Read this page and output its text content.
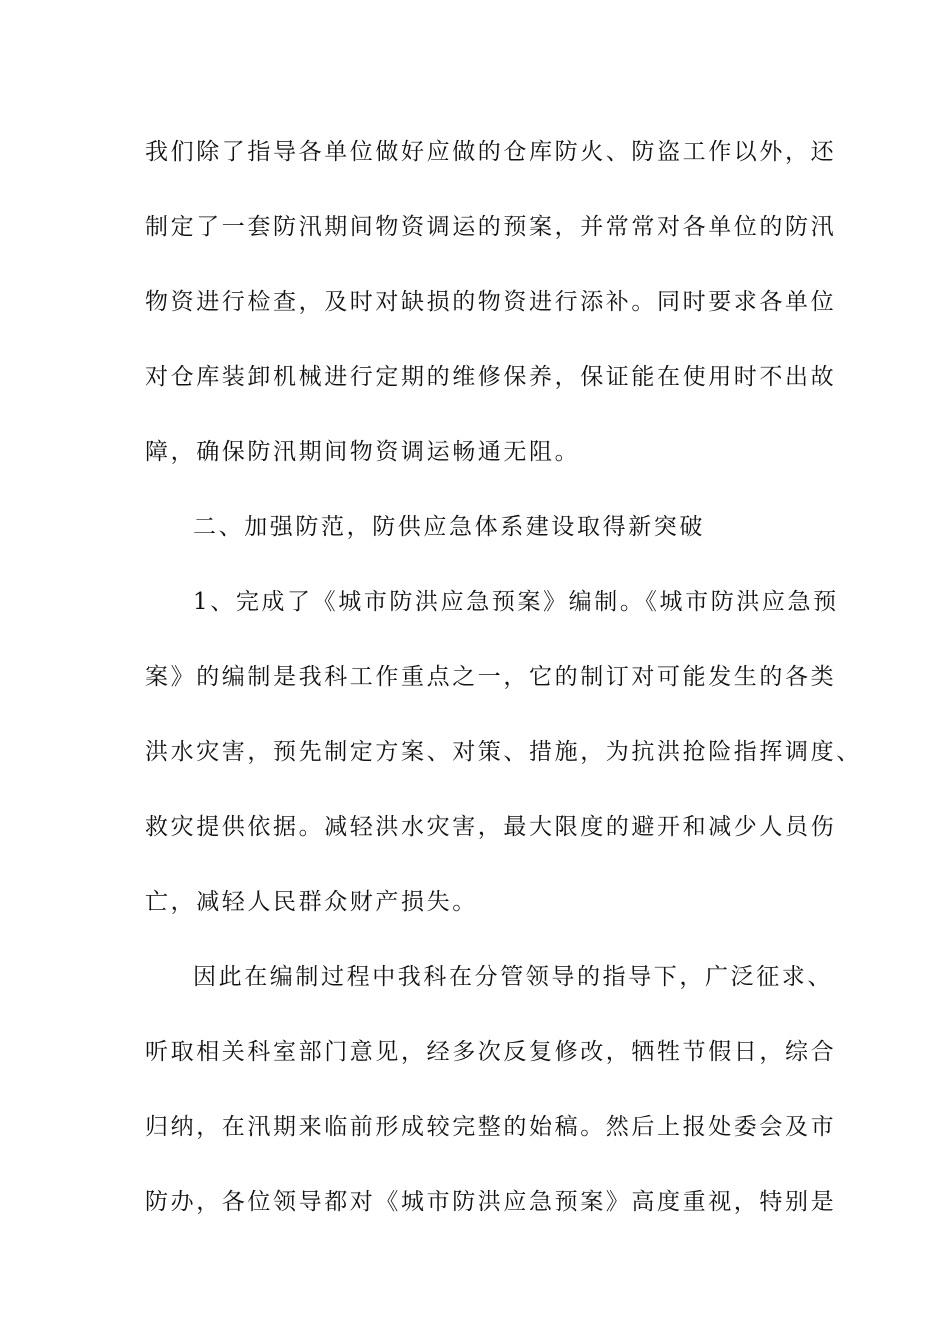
我们除了指导各单位做好应做的仓库防火、防盗工作以外，还
制定了一套防汛期间物资调运的预案，并常常对各单位的防汛
物资进行检查，及时对缺损的物资进行添补。同时要求各单位
对仓库装卸机械进行定期的维修保养，保证能在使用时不出故
障，确保防汛期间物资调运畅通无阻。
二、加强防范，防供应急体系建设取得新突破
1、完成了《城市防洪应急预案》编制。《城市防洪应急预
案》的编制是我科工作重点之一，它的制订对可能发生的各类
洪水灾害，预先制定方案、对策、措施，为抗洪抢险指挥调度、
救灾提供依据。减轻洪水灾害，最大限度的避开和减少人员伤
亡，减轻人民群众财产损失。
因此在编制过程中我科在分管领导的指导下，广泛征求、
听取相关科室部门意见，经多次反复修改，牺牲节假日，综合
归纳，在汛期来临前形成较完整的始稿。然后上报处委会及市
防办，各位领导都对《城市防洪应急预案》高度重视，特别是
